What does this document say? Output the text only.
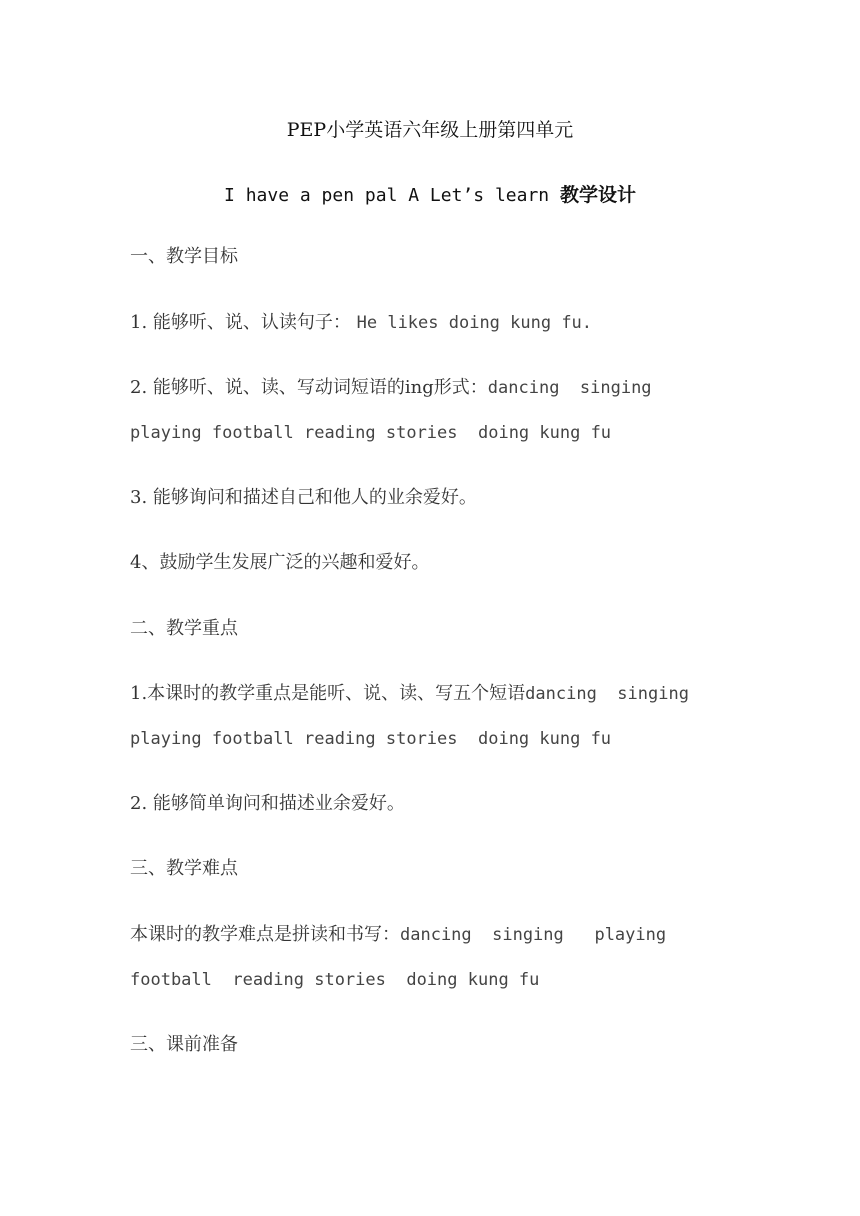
PEP小学英语六年级上册第四单元
I have a pen pal A Let’s learn 教学设计
一、教学目标
1. 能够听、说、认读句子： He likes doing kung fu.
2. 能够听、说、读、写动词短语的ing形式：dancing  singing
playing football reading stories  doing kung fu
3. 能够询问和描述自己和他人的业余爱好。
4、鼓励学生发展广泛的兴趣和爱好。
二、教学重点
1.本课时的教学重点是能听、说、读、写五个短语dancing  singing
playing football reading stories  doing kung fu
2. 能够简单询问和描述业余爱好。
三、教学难点
本课时的教学难点是拼读和书写：dancing  singing   playing
football  reading stories  doing kung fu
三、课前准备
